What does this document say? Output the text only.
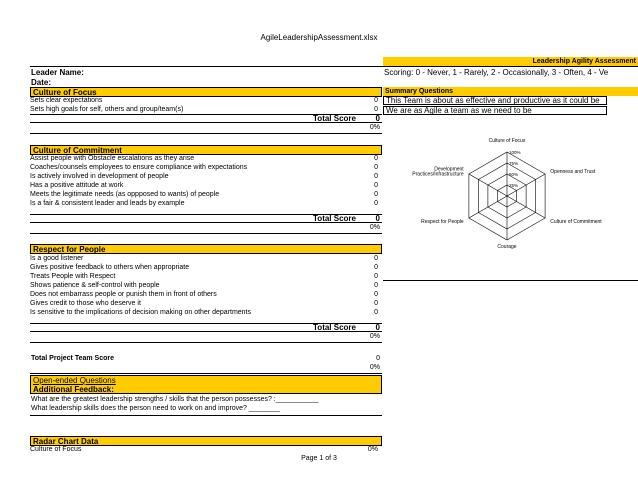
AgileLeadershipAssessment.xlsx
Leadership Agility Assessment
Leader Name:
Date:
Scoring: 0 - Never, 1 - Rarely, 2 - Occasionally, 3 - Often, 4 - Ve
Culture of Focus
Sets clear expectations	0
Sets high goals for self, others and group/team(s)	0
Total Score	0
0%
Summary Questions
This Team is about as effective and productive as it could be
We are as Agile a team as we need to be
25%
50%
75%
100%
Culture of Focus
Openness and Trust
Culture of Commitment
Courage
Respect for People
Development Practices/Infrastructure
Culture of Commitment
Assist people with Obstacle escalations as they arise	0
Coaches/counsels employees to ensure compliance with expectations	0
Is actively involved in development of people	0
Has a positive attitude at work	0
Meets the legitimate needs (as oppposed to wants) of people	0
Is a fair & consistent leader and leads by example	0
Total Score	0
0%
Respect for People
Is a good listener	0
Gives positive feedback to others when appropriate	0
Treats People with Respect	0
Shows patience & self-control with people	0
Does not embarrass people or punish them in front of others	0
Gives credit to those who deserve it	0
Is sensitive to the implications of decision making on other departments	0
Total Score	0
0%
Total Project Team Score	0
0%
Open-ended Questions
Additional Feedback:
What are the greatest leadership strengths / skills that the person possesses? :___________
What leadership skills does the person need to work on and improve? ________
Radar Chart Data
Culture of Focus	0%
Page 1 of 3
